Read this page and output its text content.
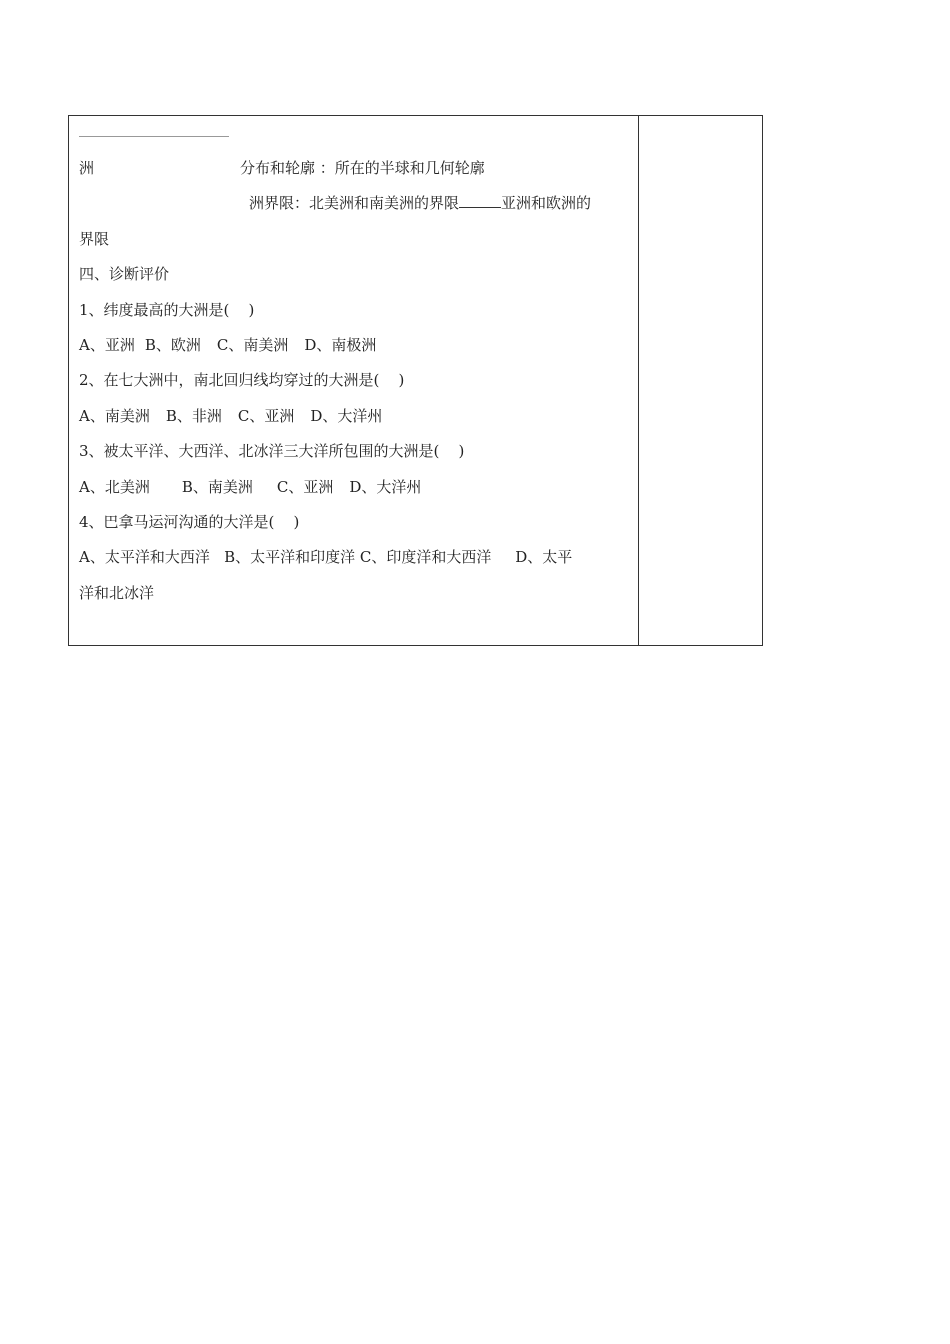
洲	分布和轮廓 ：所在的半球和几何轮廓
洲界限：北美洲和南美洲的界限	亚洲和欧洲的
界限
四、诊断评价
1、纬度最高的大洲是(    )
A、亚洲 B、欧洲 C、南美洲 D、南极洲
2、在七大洲中，南北回归线均穿过的大洲是(    )
A、南美洲 B、非洲 C、亚洲 D、大洋州
3、被太平洋、大西洋、北冰洋三大洋所包围的大洲是(    )
A、北美洲 B、南美洲 C、亚洲 D、大洋州
4、巴拿马运河沟通的大洋是(    )
A、太平洋和大西洋   B、太平洋和印度洋 C、印度洋和大西洋     D、太平
洋和北冰洋
